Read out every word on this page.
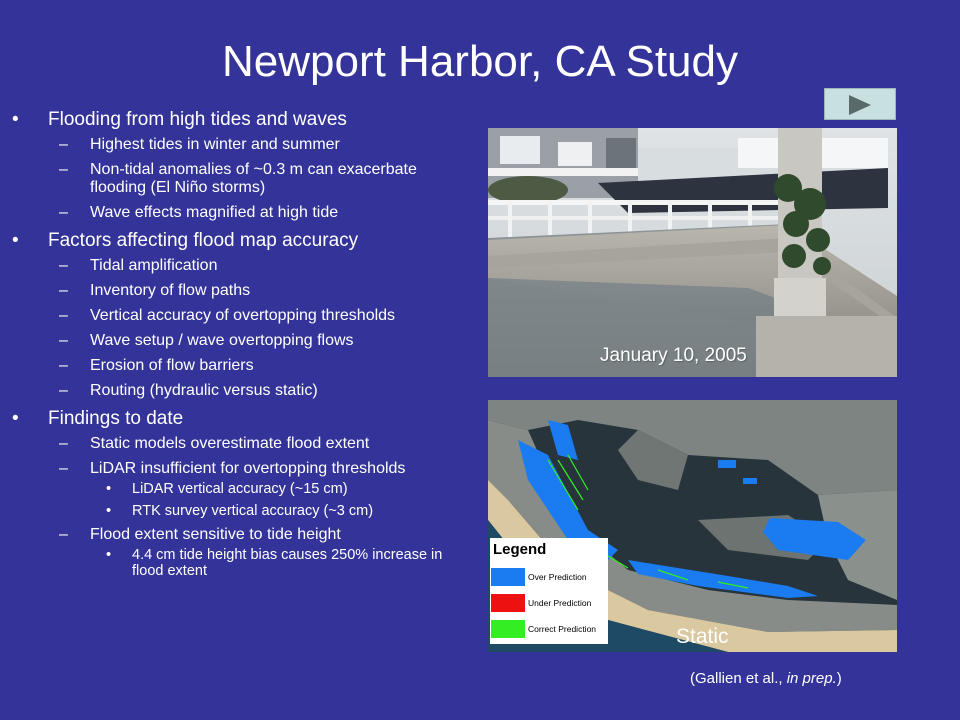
Newport Harbor, CA Study
•	Flooding from high tides and waves
– Highest tides in winter and summer
– Non-tidal anomalies of ~0.3 m can exacerbate flooding (El Niño storms)
– Wave effects magnified at high tide
•	Factors affecting flood map accuracy
– Tidal amplification
– Inventory of flow paths
– Vertical accuracy of overtopping thresholds
– Wave setup / wave overtopping flows
– Erosion of flow barriers
– Routing (hydraulic versus static)
•	Findings to date
– Static models overestimate flood extent
– LiDAR insufficient for overtopping thresholds
• LiDAR vertical accuracy (~15 cm)
• RTK survey vertical accuracy (~3 cm)
– Flood extent sensitive to tide height
• 4.4 cm tide height bias causes 250% increase in flood extent
January 10, 2005
Legend
Over Prediction
Under Prediction
Correct Prediction	Static
(Gallien et al., in prep.)
